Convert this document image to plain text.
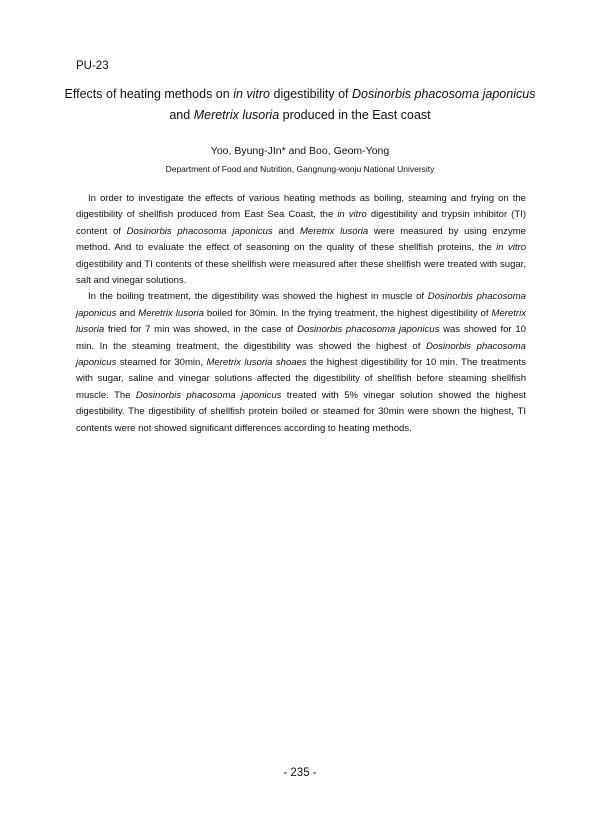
PU-23
Effects of heating methods on in vitro digestibility of Dosinorbis phacosoma japonicus
and Meretrix lusoria produced in the East coast
Yoo, Byung-JIn* and Boo, Geom-Yong
Department of Food and Nutrition, Gangnung-wonju National University

In order to investigate the effects of various heating methods as boiling, steaming and frying on the digestibility of shellfish produced from East Sea Coast, the in vitro digestibility and trypsin inhibitor (TI) content of Dosinorbis phacosoma japonicus and Meretrix lusoria were measured by using enzyme method. And to evaluate the effect of seasoning on the quality of these shellfish proteins, the in vitro digestibility and TI contents of these shellfish were measured after these shellfish were treated with sugar, salt and vinegar solutions.

In the boiling treatment, the digestibility was showed the highest in muscle of Dosinorbis phacosoma japonicus and Meretrix lusoria boiled for 30min. In the frying treatment, the highest digestibility of Meretrix lusoria fried for 7 min was showed, in the case of Dosinorbis phacosoma japonicus was showed for 10 min. In the steaming treatment, the digestibility was showed the highest of Dosinorbis phacosoma japonicus steamed for 30min, Meretrix lusoria shoaes the highest digestibility for 10 min. The treatments with sugar, saline and vinegar solutions affected the digestibility of shellfish before steaming shellfish muscle. The Dosinorbis phacosoma japonicus treated with 5% vinegar solution showed the highest digestibility. The digestibility of shellfish protein boiled or steamed for 30min were shown the highest, TI contents were not showed significant differences according to heating methods.

- 235 -
